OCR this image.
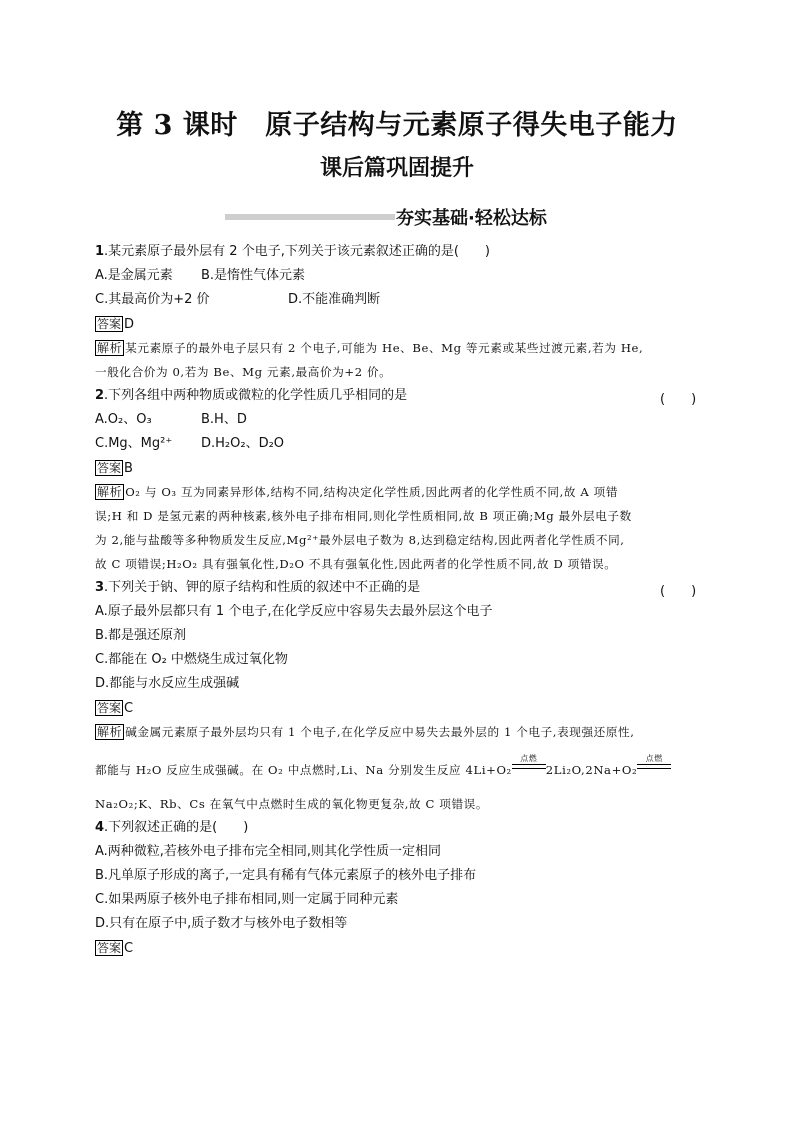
第 3 课时　原子结构与元素原子得失电子能力
课后篇巩固提升
夯实基础·轻松达标
1.某元素原子最外层有 2 个电子,下列关于该元素叙述正确的是(　　)
A.是金属元素 B.是惰性气体元素
C.其最高价为+2 价	D.不能准确判断
答案 D
解析 某元素原子的最外电子层只有 2 个电子,可能为 He、Be、Mg 等元素或某些过渡元素,若为 He,
一般化合价为 0,若为 Be、Mg 元素,最高价为+2 价。
2.下列各组中两种物质或微粒的化学性质几乎相同的是	(　　)
A.O₂、O₃	B.H、D
C.Mg、Mg²⁺ D.H₂O₂、D₂O
答案 B
解析 O₂ 与 O₃ 互为同素异形体,结构不同,结构决定化学性质,因此两者的化学性质不同,故 A 项错
误;H 和 D 是氢元素的两种核素,核外电子排布相同,则化学性质相同,故 B 项正确;Mg 最外层电子数
为 2,能与盐酸等多种物质发生反应,Mg²⁺最外层电子数为 8,达到稳定结构,因此两者化学性质不同,
故 C 项错误;H₂O₂ 具有强氧化性,D₂O 不具有强氧化性,因此两者的化学性质不同,故 D 项错误。
3.下列关于钠、钾的原子结构和性质的叙述中不正确的是	(　　)
A.原子最外层都只有 1 个电子,在化学反应中容易失去最外层这个电子
B.都是强还原剂
C.都能在 O₂ 中燃烧生成过氧化物
D.都能与水反应生成强碱
答案 C
解析 碱金属元素原子最外层均只有 1 个电子,在化学反应中易失去最外层的 1 个电子,表现强还原性,
都能与 H₂O 反应生成强碱。在 O₂ 中点燃时,Li、Na 分别发生反应 4Li+O₂
点燃
2Li₂O,2Na+O₂
点燃

Na₂O₂;K、Rb、Cs 在氧气中点燃时生成的氧化物更复杂,故 C 项错误。
4.下列叙述正确的是(　　)
A.两种微粒,若核外电子排布完全相同,则其化学性质一定相同
B.凡单原子形成的离子,一定具有稀有气体元素原子的核外电子排布
C.如果两原子核外电子排布相同,则一定属于同种元素
D.只有在原子中,质子数才与核外电子数相等
答案 C
